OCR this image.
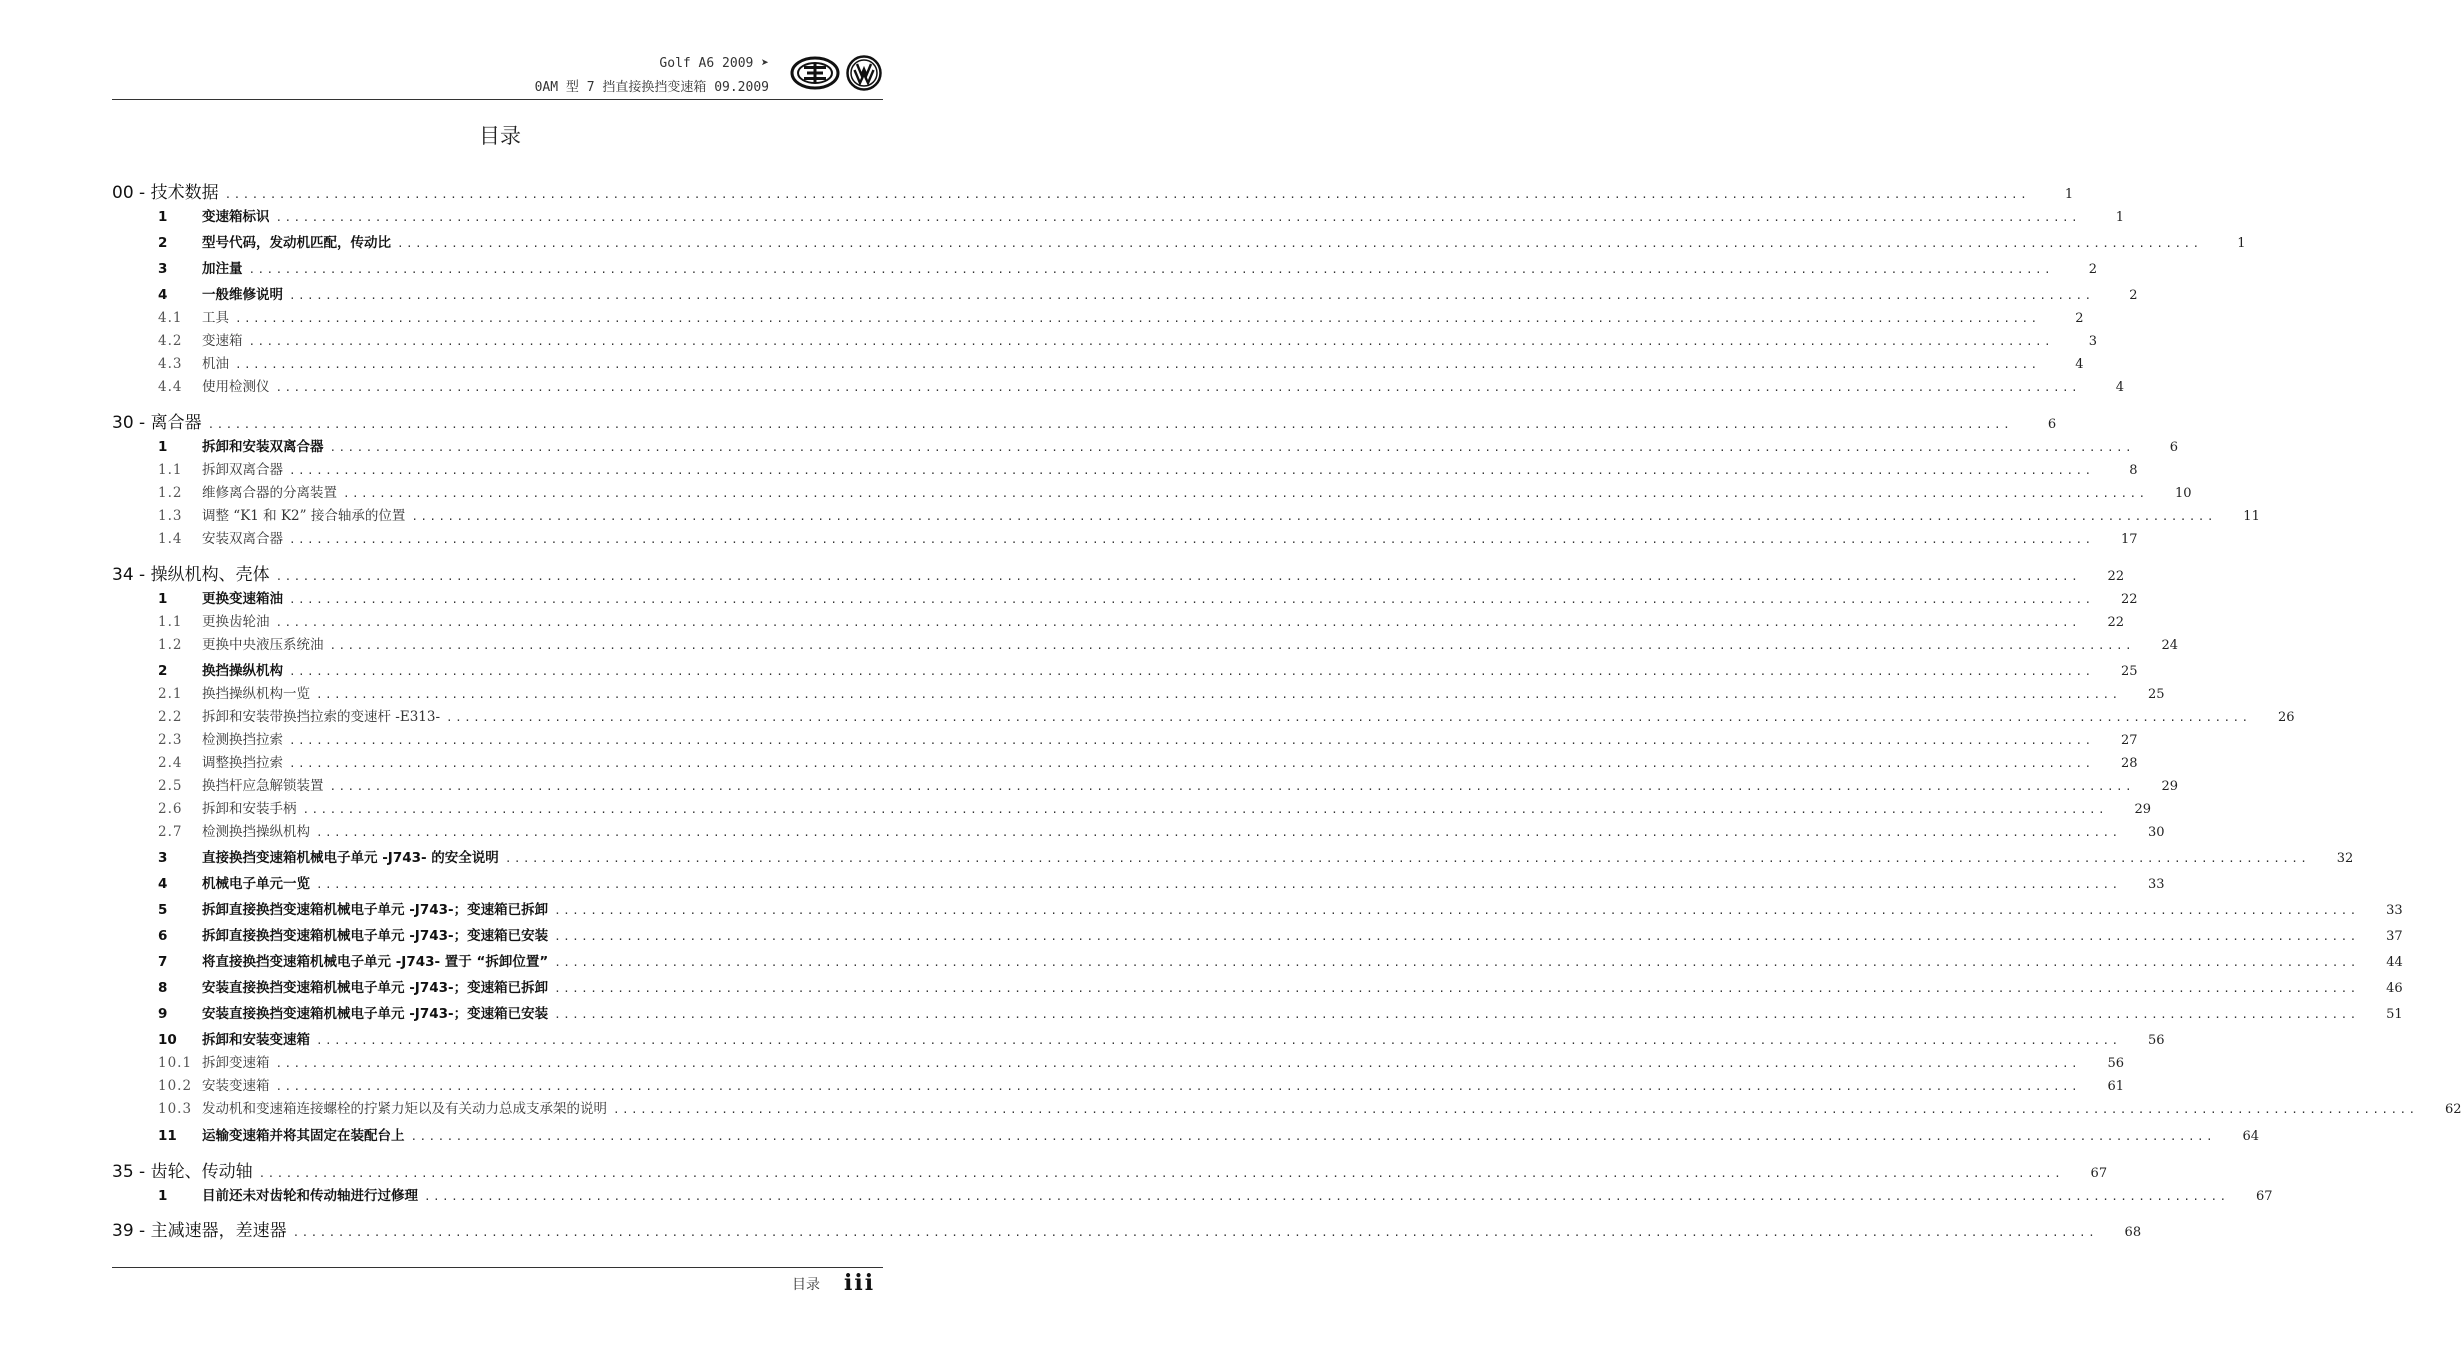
Golf A6 2009 ➤
0AM 型 7 挡直接换挡变速箱 09.2009
目录
00 - 技术数据 ........................................................................................................................................................................................................	1
1	变速箱标识 ........................................................................................................................................................................................................	1
2	型号代码，发动机匹配，传动比 ........................................................................................................................................................................................................	1
3	加注量 ........................................................................................................................................................................................................	2
4	一般维修说明 ........................................................................................................................................................................................................	2
4.1	工具 ........................................................................................................................................................................................................	2
4.2	变速箱 ........................................................................................................................................................................................................	3
4.3	机油 ........................................................................................................................................................................................................	4
4.4	使用检测仪 ........................................................................................................................................................................................................	4
30 - 离合器 ........................................................................................................................................................................................................	6
1	拆卸和安装双离合器 ........................................................................................................................................................................................................	6
1.1	拆卸双离合器 ........................................................................................................................................................................................................	8
1.2	维修离合器的分离装置 ........................................................................................................................................................................................................	10
1.3	调整 “K1 和 K2” 接合轴承的位置 ........................................................................................................................................................................................................	11
1.4	安装双离合器 ........................................................................................................................................................................................................	17
34 - 操纵机构、壳体 ........................................................................................................................................................................................................	22
1	更换变速箱油 ........................................................................................................................................................................................................	22
1.1	更换齿轮油 ........................................................................................................................................................................................................	22
1.2	更换中央液压系统油 ........................................................................................................................................................................................................	24
2	换挡操纵机构 ........................................................................................................................................................................................................	25
2.1	换挡操纵机构一览 ........................................................................................................................................................................................................	25
2.2	拆卸和安装带换挡拉索的变速杆 -E313- ........................................................................................................................................................................................................	26
2.3	检测换挡拉索 ........................................................................................................................................................................................................	27
2.4	调整换挡拉索 ........................................................................................................................................................................................................	28
2.5	换挡杆应急解锁装置 ........................................................................................................................................................................................................	29
2.6	拆卸和安装手柄 ........................................................................................................................................................................................................	29
2.7	检测换挡操纵机构 ........................................................................................................................................................................................................	30
3	直接换挡变速箱机械电子单元 -J743- 的安全说明 ........................................................................................................................................................................................................	32
4	机械电子单元一览 ........................................................................................................................................................................................................	33
5	拆卸直接换挡变速箱机械电子单元 -J743-；变速箱已拆卸 ........................................................................................................................................................................................................	33
6	拆卸直接换挡变速箱机械电子单元 -J743-；变速箱已安装 ........................................................................................................................................................................................................	37
7	将直接换挡变速箱机械电子单元 -J743- 置于 “拆卸位置” ........................................................................................................................................................................................................	44
8	安装直接换挡变速箱机械电子单元 -J743-；变速箱已拆卸 ........................................................................................................................................................................................................	46
9	安装直接换挡变速箱机械电子单元 -J743-；变速箱已安装 ........................................................................................................................................................................................................	51
10	拆卸和安装变速箱 ........................................................................................................................................................................................................	56
10.1 拆卸变速箱 ........................................................................................................................................................................................................	56
10.2 安装变速箱 ........................................................................................................................................................................................................	61
10.3 发动机和变速箱连接螺栓的拧紧力矩以及有关动力总成支承架的说明 ........................................................................................................................................................................................................	62
11	运输变速箱并将其固定在装配台上 ........................................................................................................................................................................................................	64
35 - 齿轮、传动轴 ........................................................................................................................................................................................................	67
1	目前还未对齿轮和传动轴进行过修理 ........................................................................................................................................................................................................	67
39 - 主减速器，差速器 ........................................................................................................................................................................................................	68
目录 iii
